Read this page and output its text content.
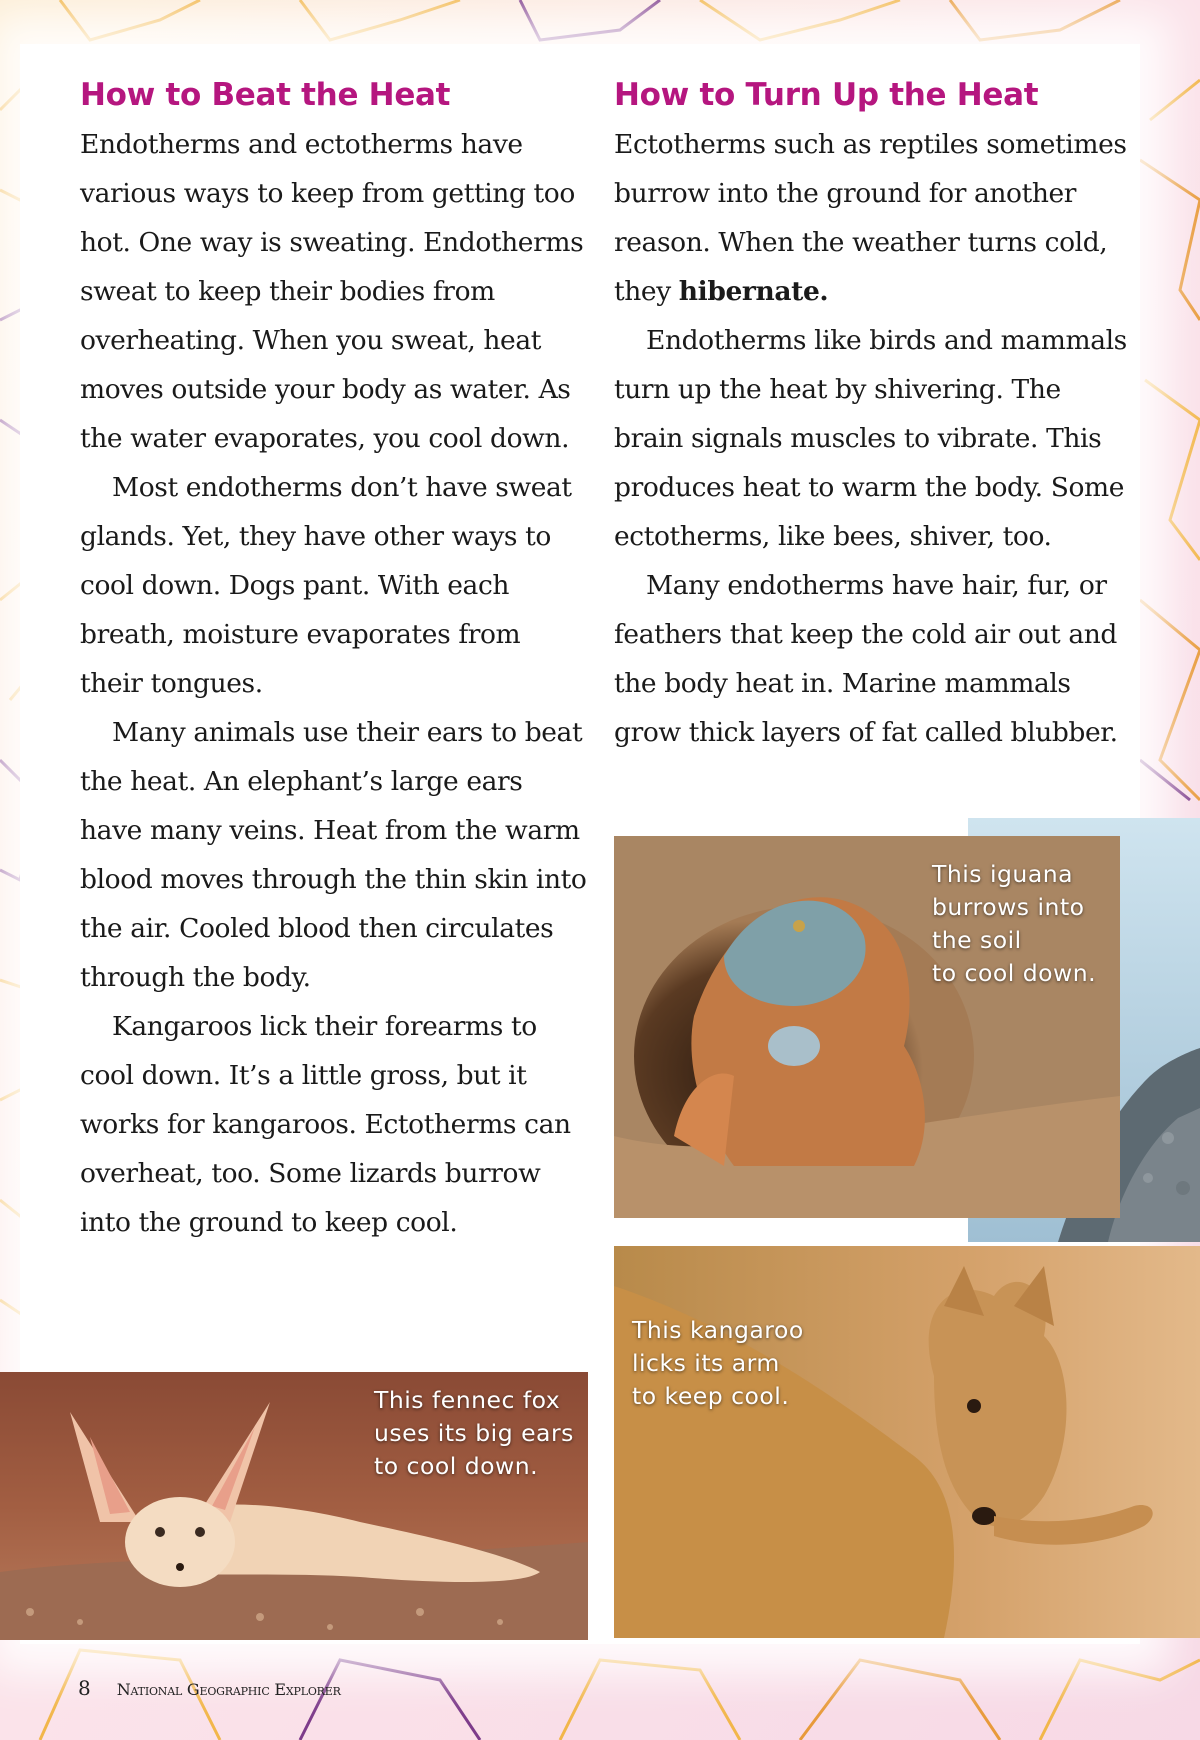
How to Beat the Heat

Endotherms and ectotherms have various ways to keep from getting too hot. One way is sweating. Endotherms sweat to keep their bodies from overheating. When you sweat, heat moves outside your body as water. As the water evaporates, you cool down.

Most endotherms don’t have sweat glands. Yet, they have other ways to cool down. Dogs pant. With each breath, moisture evaporates from their tongues.

Many animals use their ears to beat the heat. An elephant’s large ears have many veins. Heat from the warm blood moves through the thin skin into the air. Cooled blood then circulates through the body.

Kangaroos lick their forearms to cool down. It’s a little gross, but it works for kangaroos. Ectotherms can overheat, too. Some lizards burrow into the ground to keep cool.

How to Turn Up the Heat

Ectotherms such as reptiles sometimes burrow into the ground for another reason. When the weather turns cold, they hibernate.

Endotherms like birds and mammals turn up the heat by shivering. The brain signals muscles to vibrate. This produces heat to warm the body. Some ectotherms, like bees, shiver, too.

Many endotherms have hair, fur, or feathers that keep the cold air out and the body heat in. Marine mammals grow thick layers of fat called blubber.

This iguana
burrows into
the soil
to cool down.
This kangaroo
licks its arm
to keep cool.
This fennec fox
uses its big ears
to cool down.
8 National Geographic Explorer
